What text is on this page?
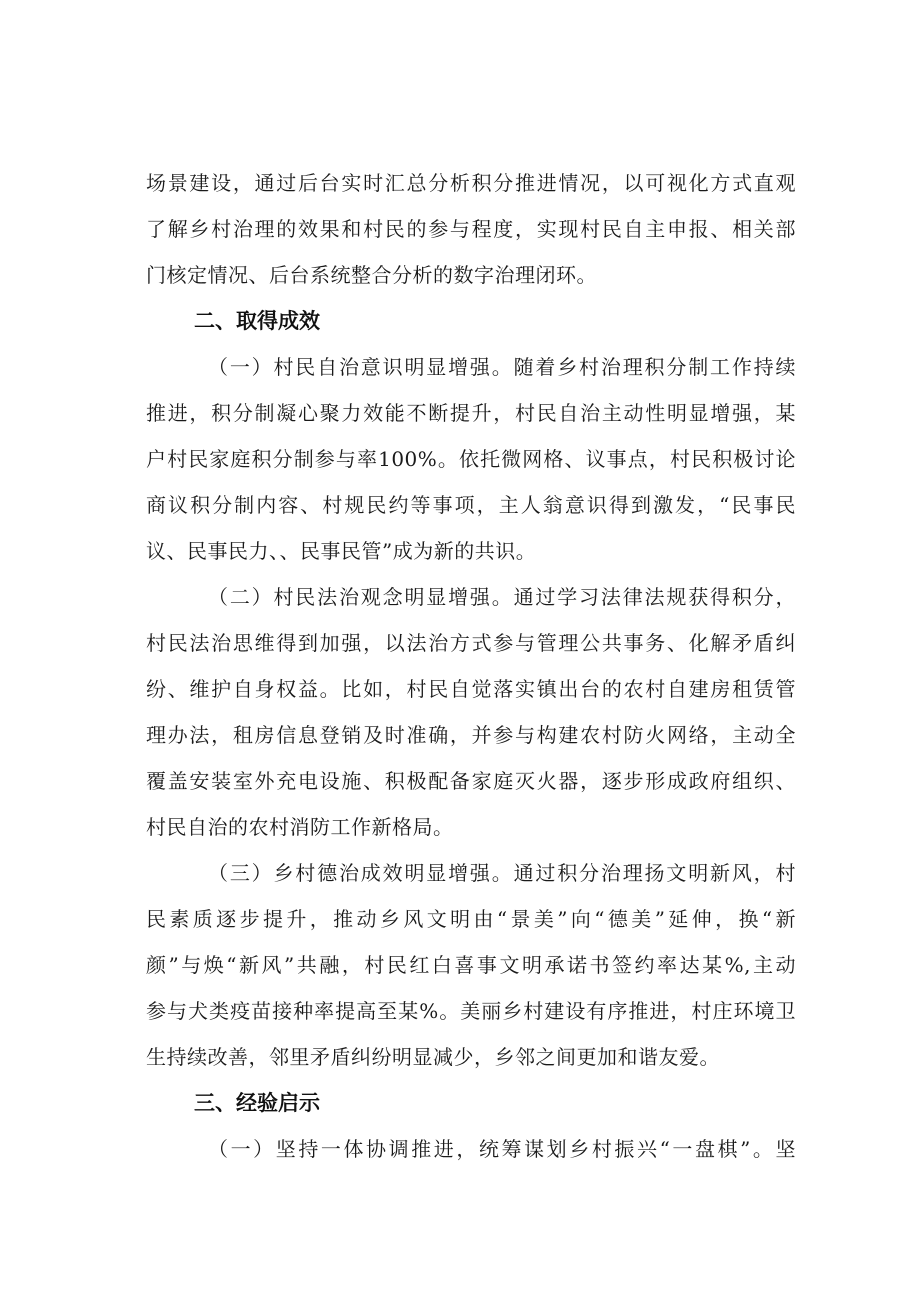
场景建设，通过后台实时汇总分析积分推进情况，以可视化方式直观
了解乡村治理的效果和村民的参与程度，实现村民自主申报、相关部
门核定情况、后台系统整合分析的数字治理闭环。
二、取得成效
（一）村民自治意识明显增强。随着乡村治理积分制工作持续
推进，积分制凝心聚力效能不断提升，村民自治主动性明显增强，某
户村民家庭积分制参与率100%。依托微网格、议事点，村民积极讨论
商议积分制内容、村规民约等事项，主人翁意识得到激发，“民事民
议、民事民力、、民事民管”成为新的共识。
（二）村民法治观念明显增强。通过学习法律法规获得积分，
村民法治思维得到加强，以法治方式参与管理公共事务、化解矛盾纠
纷、维护自身权益。比如，村民自觉落实镇出台的农村自建房租赁管
理办法，租房信息登销及时准确，并参与构建农村防火网络，主动全
覆盖安装室外充电设施、积极配备家庭灭火器，逐步形成政府组织、
村民自治的农村消防工作新格局。
（三）乡村德治成效明显增强。通过积分治理扬文明新风，村
民素质逐步提升，推动乡风文明由“景美”向“德美”延伸，换“新
颜”与焕“新风”共融，村民红白喜事文明承诺书签约率达某%,主动
参与犬类疫苗接种率提高至某%。美丽乡村建设有序推进，村庄环境卫
生持续改善，邻里矛盾纠纷明显减少，乡邻之间更加和谐友爱。
三、经验启示
（一）坚持一体协调推进，统筹谋划乡村振兴“一盘棋”。坚
